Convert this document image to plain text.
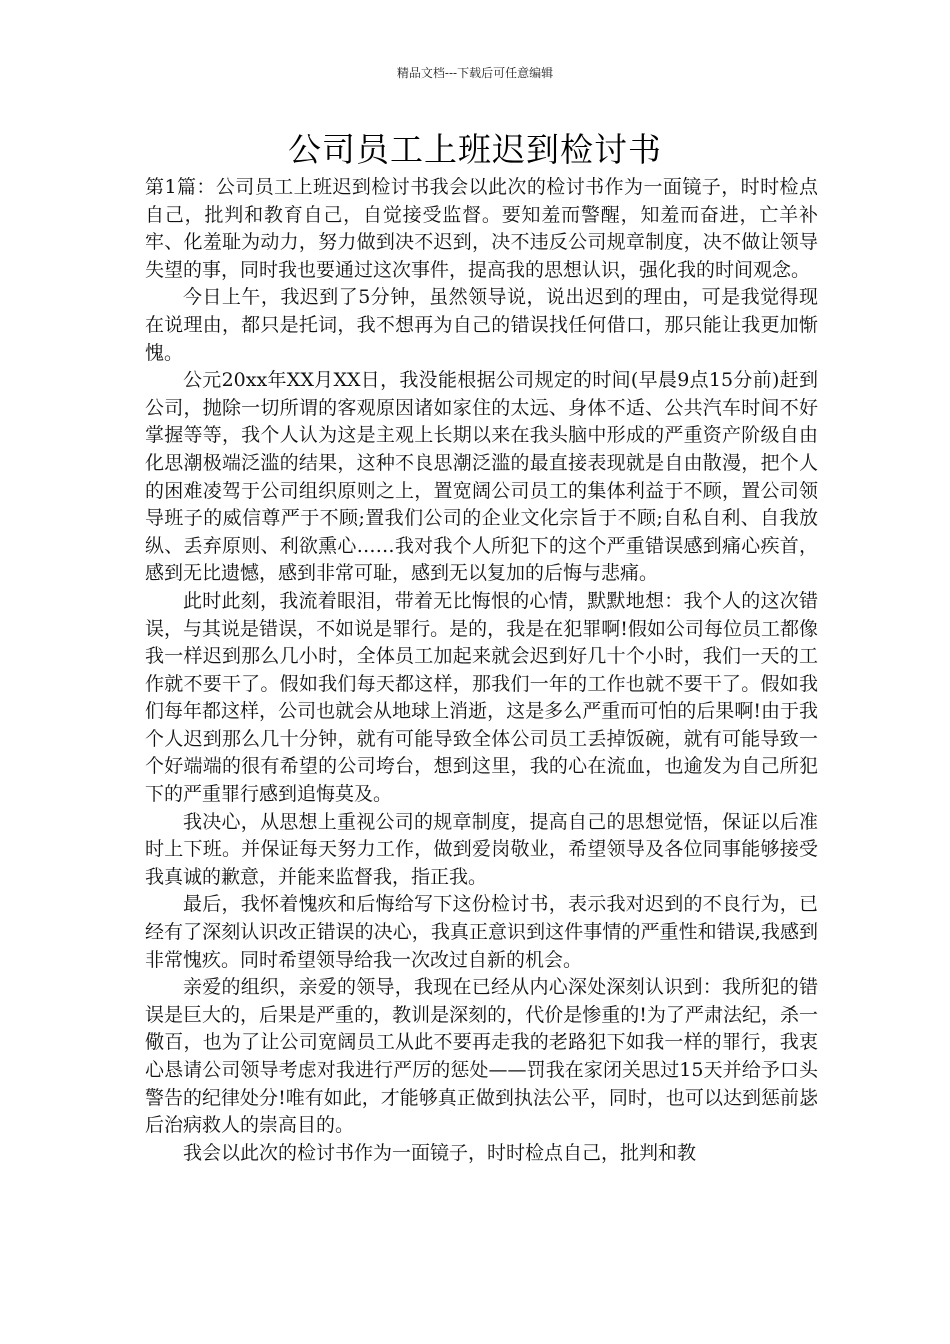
精品文档---下载后可任意编辑
公司员工上班迟到检讨书

第1篇：公司员工上班迟到检讨书我会以此次的检讨书作为一面镜子，时时检点自己，批判和教育自己，自觉接受监督。要知羞而警醒，知羞而奋进，亡羊补牢、化羞耻为动力，努力做到决不迟到，决不违反公司规章制度，决不做让领导失望的事，同时我也要通过这次事件，提高我的思想认识，强化我的时间观念。

今日上午，我迟到了5分钟，虽然领导说，说出迟到的理由，可是我觉得现在说理由，都只是托词，我不想再为自己的错误找任何借口，那只能让我更加惭愧。

公元20xx年XX月XX日，我没能根据公司规定的时间(早晨9点15分前)赶到公司，抛除一切所谓的客观原因诸如家住的太远、身体不适、公共汽车时间不好掌握等等，我个人认为这是主观上长期以来在我头脑中形成的严重资产阶级自由化思潮极端泛滥的结果，这种不良思潮泛滥的最直接表现就是自由散漫，把个人的困难凌驾于公司组织原则之上，置宽阔公司员工的集体利益于不顾，置公司领导班子的威信尊严于不顾;置我们公司的企业文化宗旨于不顾;自私自利、自我放纵、丢弃原则、利欲熏心……我对我个人所犯下的这个严重错误感到痛心疾首，感到无比遗憾，感到非常可耻，感到无以复加的后悔与悲痛。

此时此刻，我流着眼泪，带着无比悔恨的心情，默默地想：我个人的这次错误，与其说是错误，不如说是罪行。是的，我是在犯罪啊!假如公司每位员工都像我一样迟到那么几小时，全体员工加起来就会迟到好几十个小时，我们一天的工作就不要干了。假如我们每天都这样，那我们一年的工作也就不要干了。假如我们每年都这样，公司也就会从地球上消逝，这是多么严重而可怕的后果啊!由于我个人迟到那么几十分钟，就有可能导致全体公司员工丢掉饭碗，就有可能导致一个好端端的很有希望的公司垮台，想到这里，我的心在流血，也逾发为自己所犯下的严重罪行感到追悔莫及。

我决心，从思想上重视公司的规章制度，提高自己的思想觉悟，保证以后准时上下班。并保证每天努力工作，做到爱岗敬业，希望领导及各位同事能够接受我真诚的歉意，并能来监督我，指正我。

最后，我怀着愧疚和后悔给写下这份检讨书，表示我对迟到的不良行为，已经有了深刻认识改正错误的决心，我真正意识到这件事情的严重性和错误,我感到非常愧疚。同时希望领导给我一次改过自新的机会。

亲爱的组织，亲爱的领导，我现在已经从内心深处深刻认识到：我所犯的错误是巨大的，后果是严重的，教训是深刻的，代价是惨重的!为了严肃法纪，杀一儆百，也为了让公司宽阔员工从此不要再走我的老路犯下如我一样的罪行，我衷心恳请公司领导考虑对我进行严厉的惩处——罚我在家闭关思过15天并给予口头警告的纪律处分!唯有如此，才能够真正做到执法公平，同时，也可以达到惩前毖后治病救人的崇高目的。

我会以此次的检讨书作为一面镜子，时时检点自己，批判和教
